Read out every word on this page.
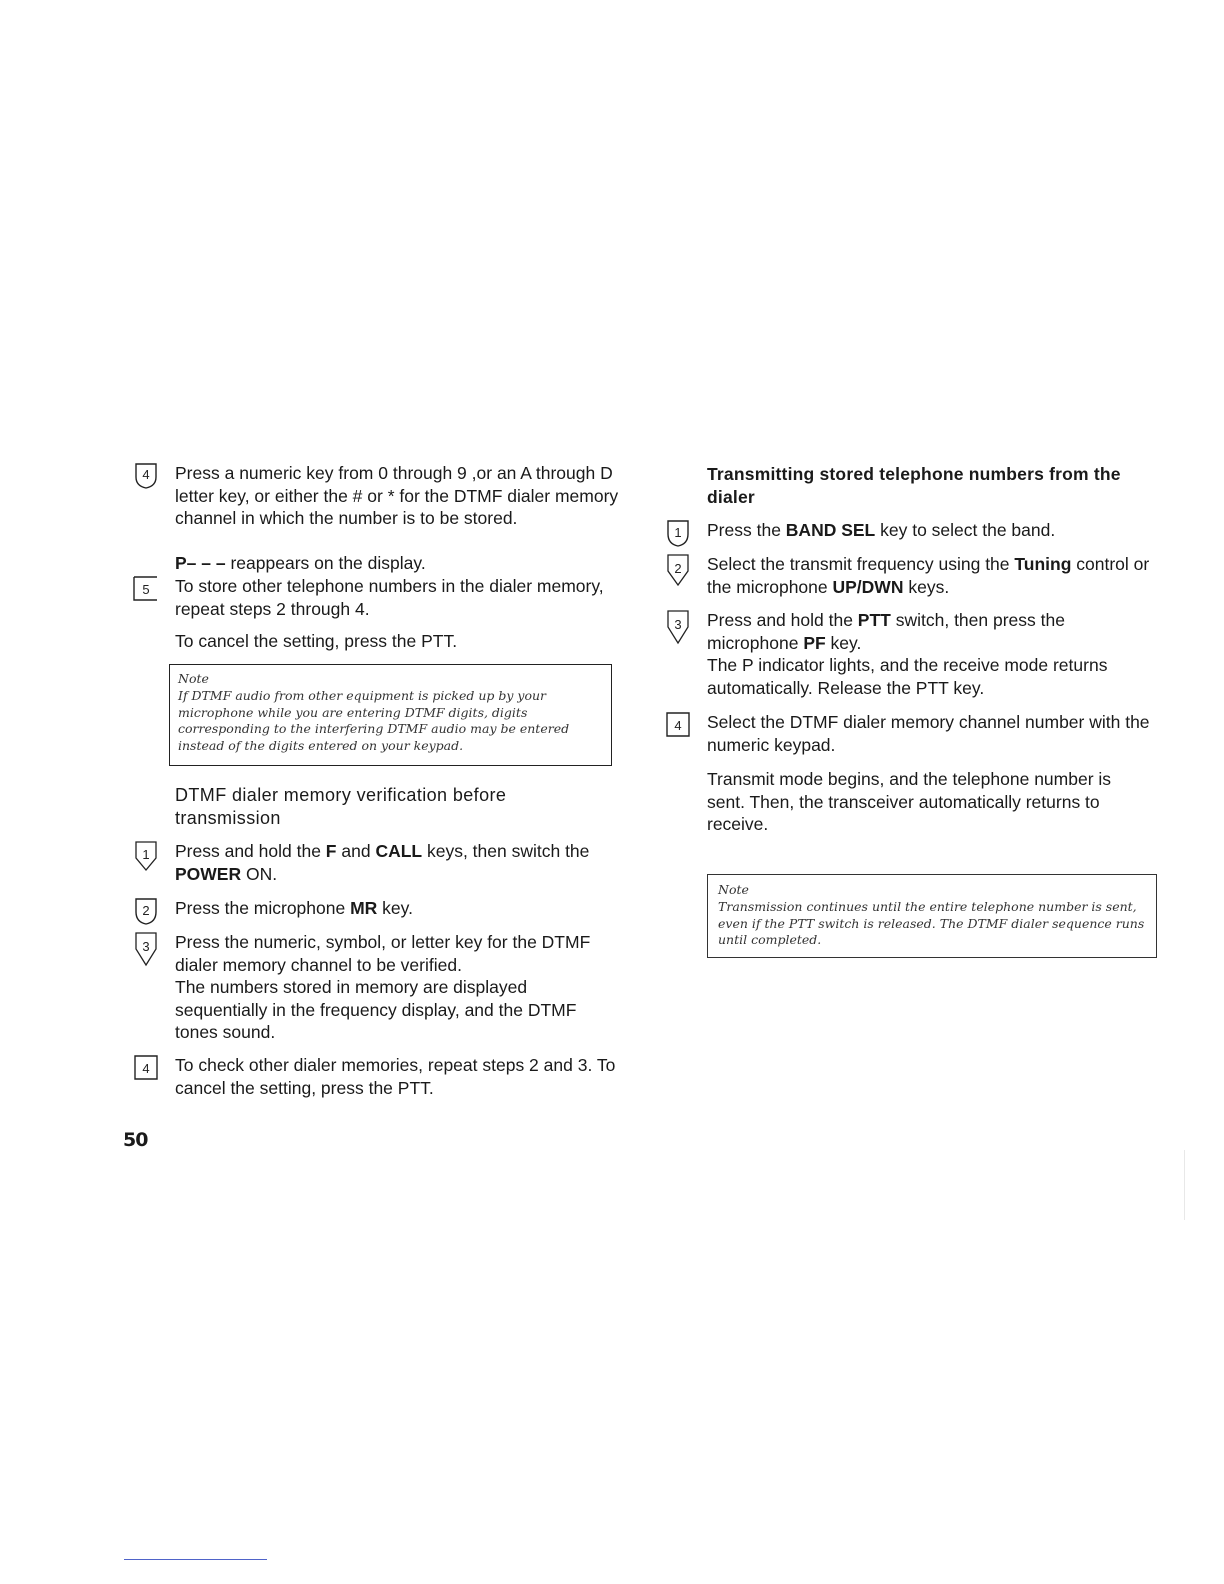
4 Press a numeric key from 0 through 9 ,or an A through D letter key, or either the # or * for the DTMF dialer memory channel in which the number is to be stored.
P– – – reappears on the display.
5 To store other telephone numbers in the dialer memory, repeat steps 2 through 4.
To cancel the setting, press the PTT.
Note
If DTMF audio from other equipment is picked up by your microphone while you are entering DTMF digits, digits corresponding to the interfering DTMF audio may be entered instead of the digits entered on your keypad.
DTMF dialer memory verification before transmission
1 Press and hold the F and CALL keys, then switch the POWER ON.
2 Press the microphone MR key.
3 Press the numeric, symbol, or letter key for the DTMF dialer memory channel to be verified.
The numbers stored in memory are displayed sequentially in the frequency display, and the DTMF tones sound.
4 To check other dialer memories, repeat steps 2 and 3. To cancel the setting, press the PTT.
Transmitting stored telephone numbers from the dialer
1 Press the BAND SEL key to select the band.
2 Select the transmit frequency using the Tuning control or the microphone UP/DWN keys.
3 Press and hold the PTT switch, then press the microphone PF key.
The P indicator lights, and the receive mode returns automatically. Release the PTT key.
4 Select the DTMF dialer memory channel number with the numeric keypad.
Transmit mode begins, and the telephone number is sent. Then, the transceiver automatically returns to receive.
Note
Transmission continues until the entire telephone number is sent, even if the PTT switch is released. The DTMF dialer sequence runs until completed.
50
